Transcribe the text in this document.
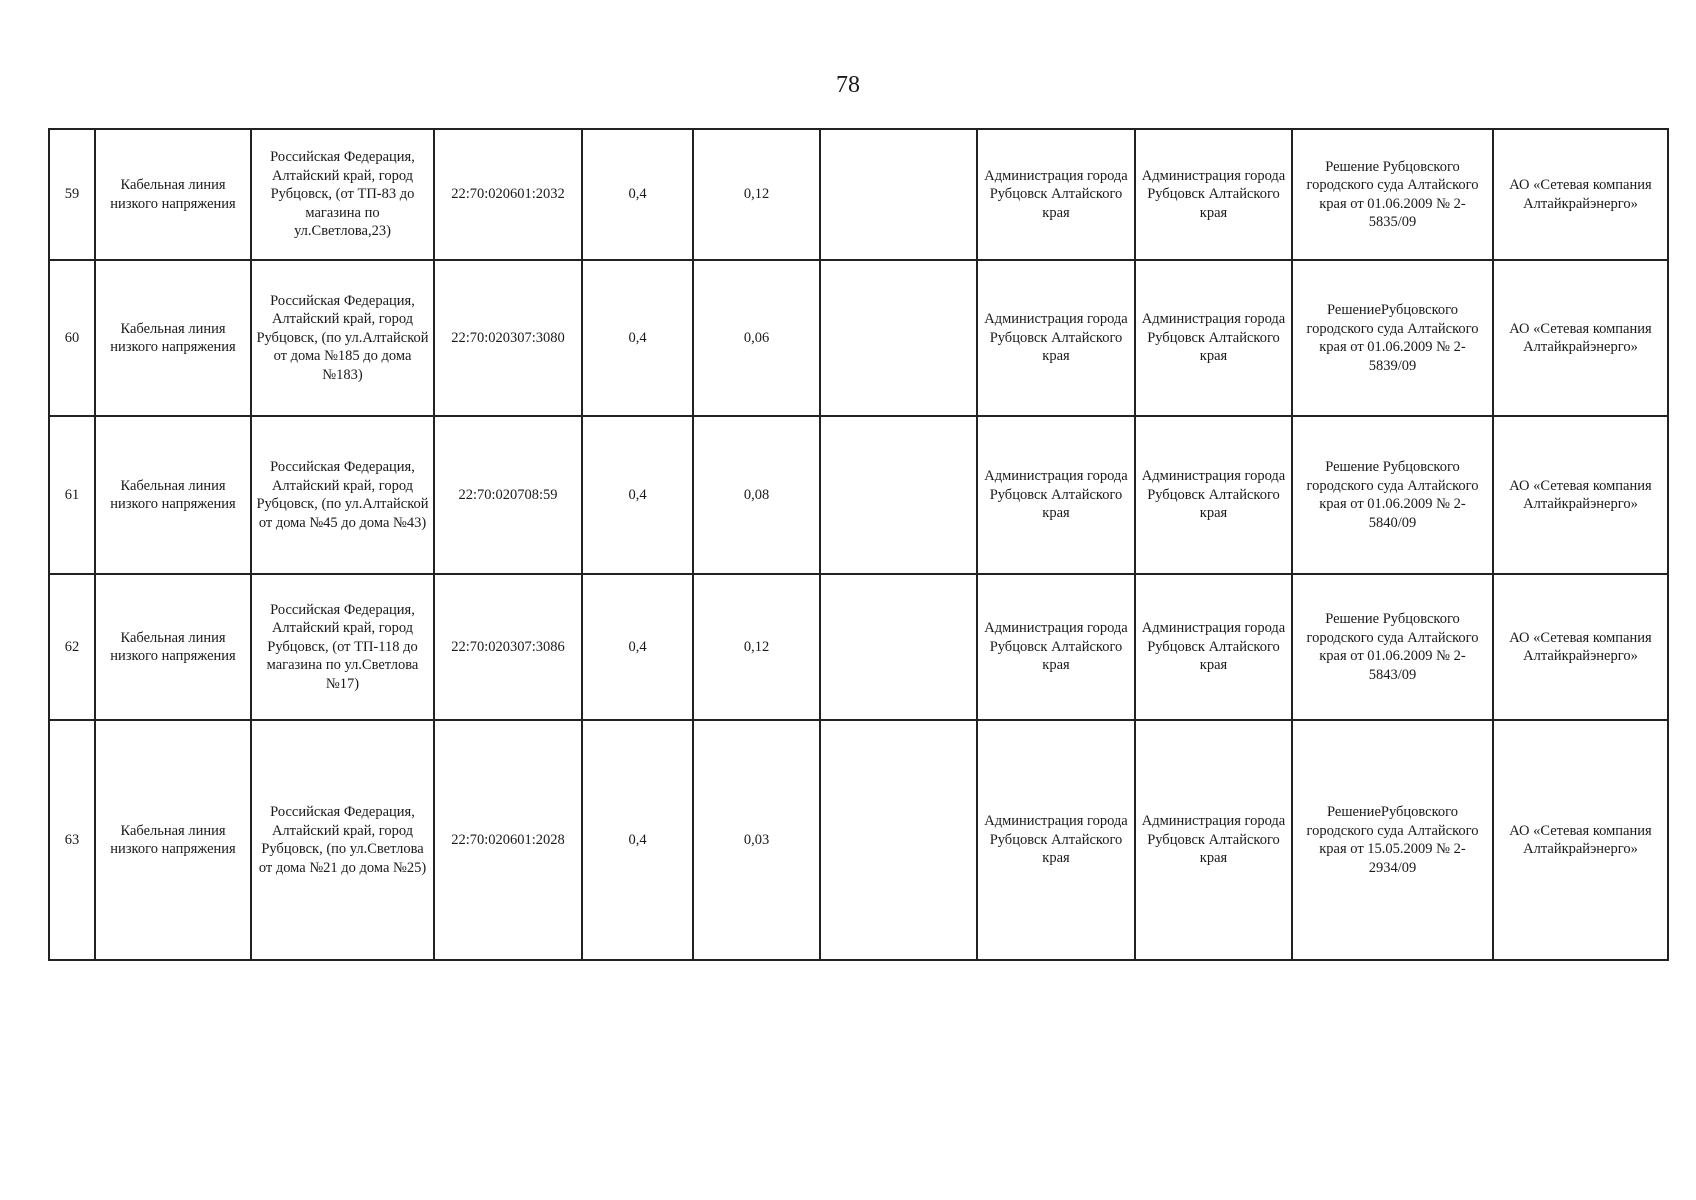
78
59	Кабельная линия низкого напряжения	Российская Федерация, Алтайский край, город Рубцовск, (от ТП-83 до магазина по ул.Светлова,23)	22:70:020601:2032	0,4	0,12		Администрация города Рубцовск Алтайского края	Администрация города Рубцовск Алтайского края	Решение Рубцовского городского суда Алтайского края от 01.06.2009 № 2-5835/09	АО «Сетевая компания Алтайкрайэнерго»
60	Кабельная линия низкого напряжения	Российская Федерация, Алтайский край, город Рубцовск, (по ул.Алтайской от дома №185 до дома №183)	22:70:020307:3080	0,4	0,06		Администрация города Рубцовск Алтайского края	Администрация города Рубцовск Алтайского края	РешениеРубцовского городского суда Алтайского края от 01.06.2009 № 2-5839/09	АО «Сетевая компания Алтайкрайэнерго»
61	Кабельная линия низкого напряжения	Российская Федерация, Алтайский край, город Рубцовск, (по ул.Алтайской от дома №45 до дома №43)	22:70:020708:59	0,4	0,08		Администрация города Рубцовск Алтайского края	Администрация города Рубцовск Алтайского края	Решение Рубцовского городского суда Алтайского края от 01.06.2009 № 2-5840/09	АО «Сетевая компания Алтайкрайэнерго»
62	Кабельная линия низкого напряжения	Российская Федерация, Алтайский край, город Рубцовск, (от ТП-118 до магазина по ул.Светлова №17)	22:70:020307:3086	0,4	0,12		Администрация города Рубцовск Алтайского края	Администрация города Рубцовск Алтайского края	Решение Рубцовского городского суда Алтайского края от 01.06.2009 № 2-5843/09	АО «Сетевая компания Алтайкрайэнерго»
63	Кабельная линия низкого напряжения	Российская Федерация, Алтайский край, город Рубцовск, (по ул.Светлова от дома №21 до дома №25)	22:70:020601:2028	0,4	0,03		Администрация города Рубцовск Алтайского края	Администрация города Рубцовск Алтайского края	РешениеРубцовского городского суда Алтайского края от 15.05.2009 № 2-2934/09	АО «Сетевая компания Алтайкрайэнерго»
